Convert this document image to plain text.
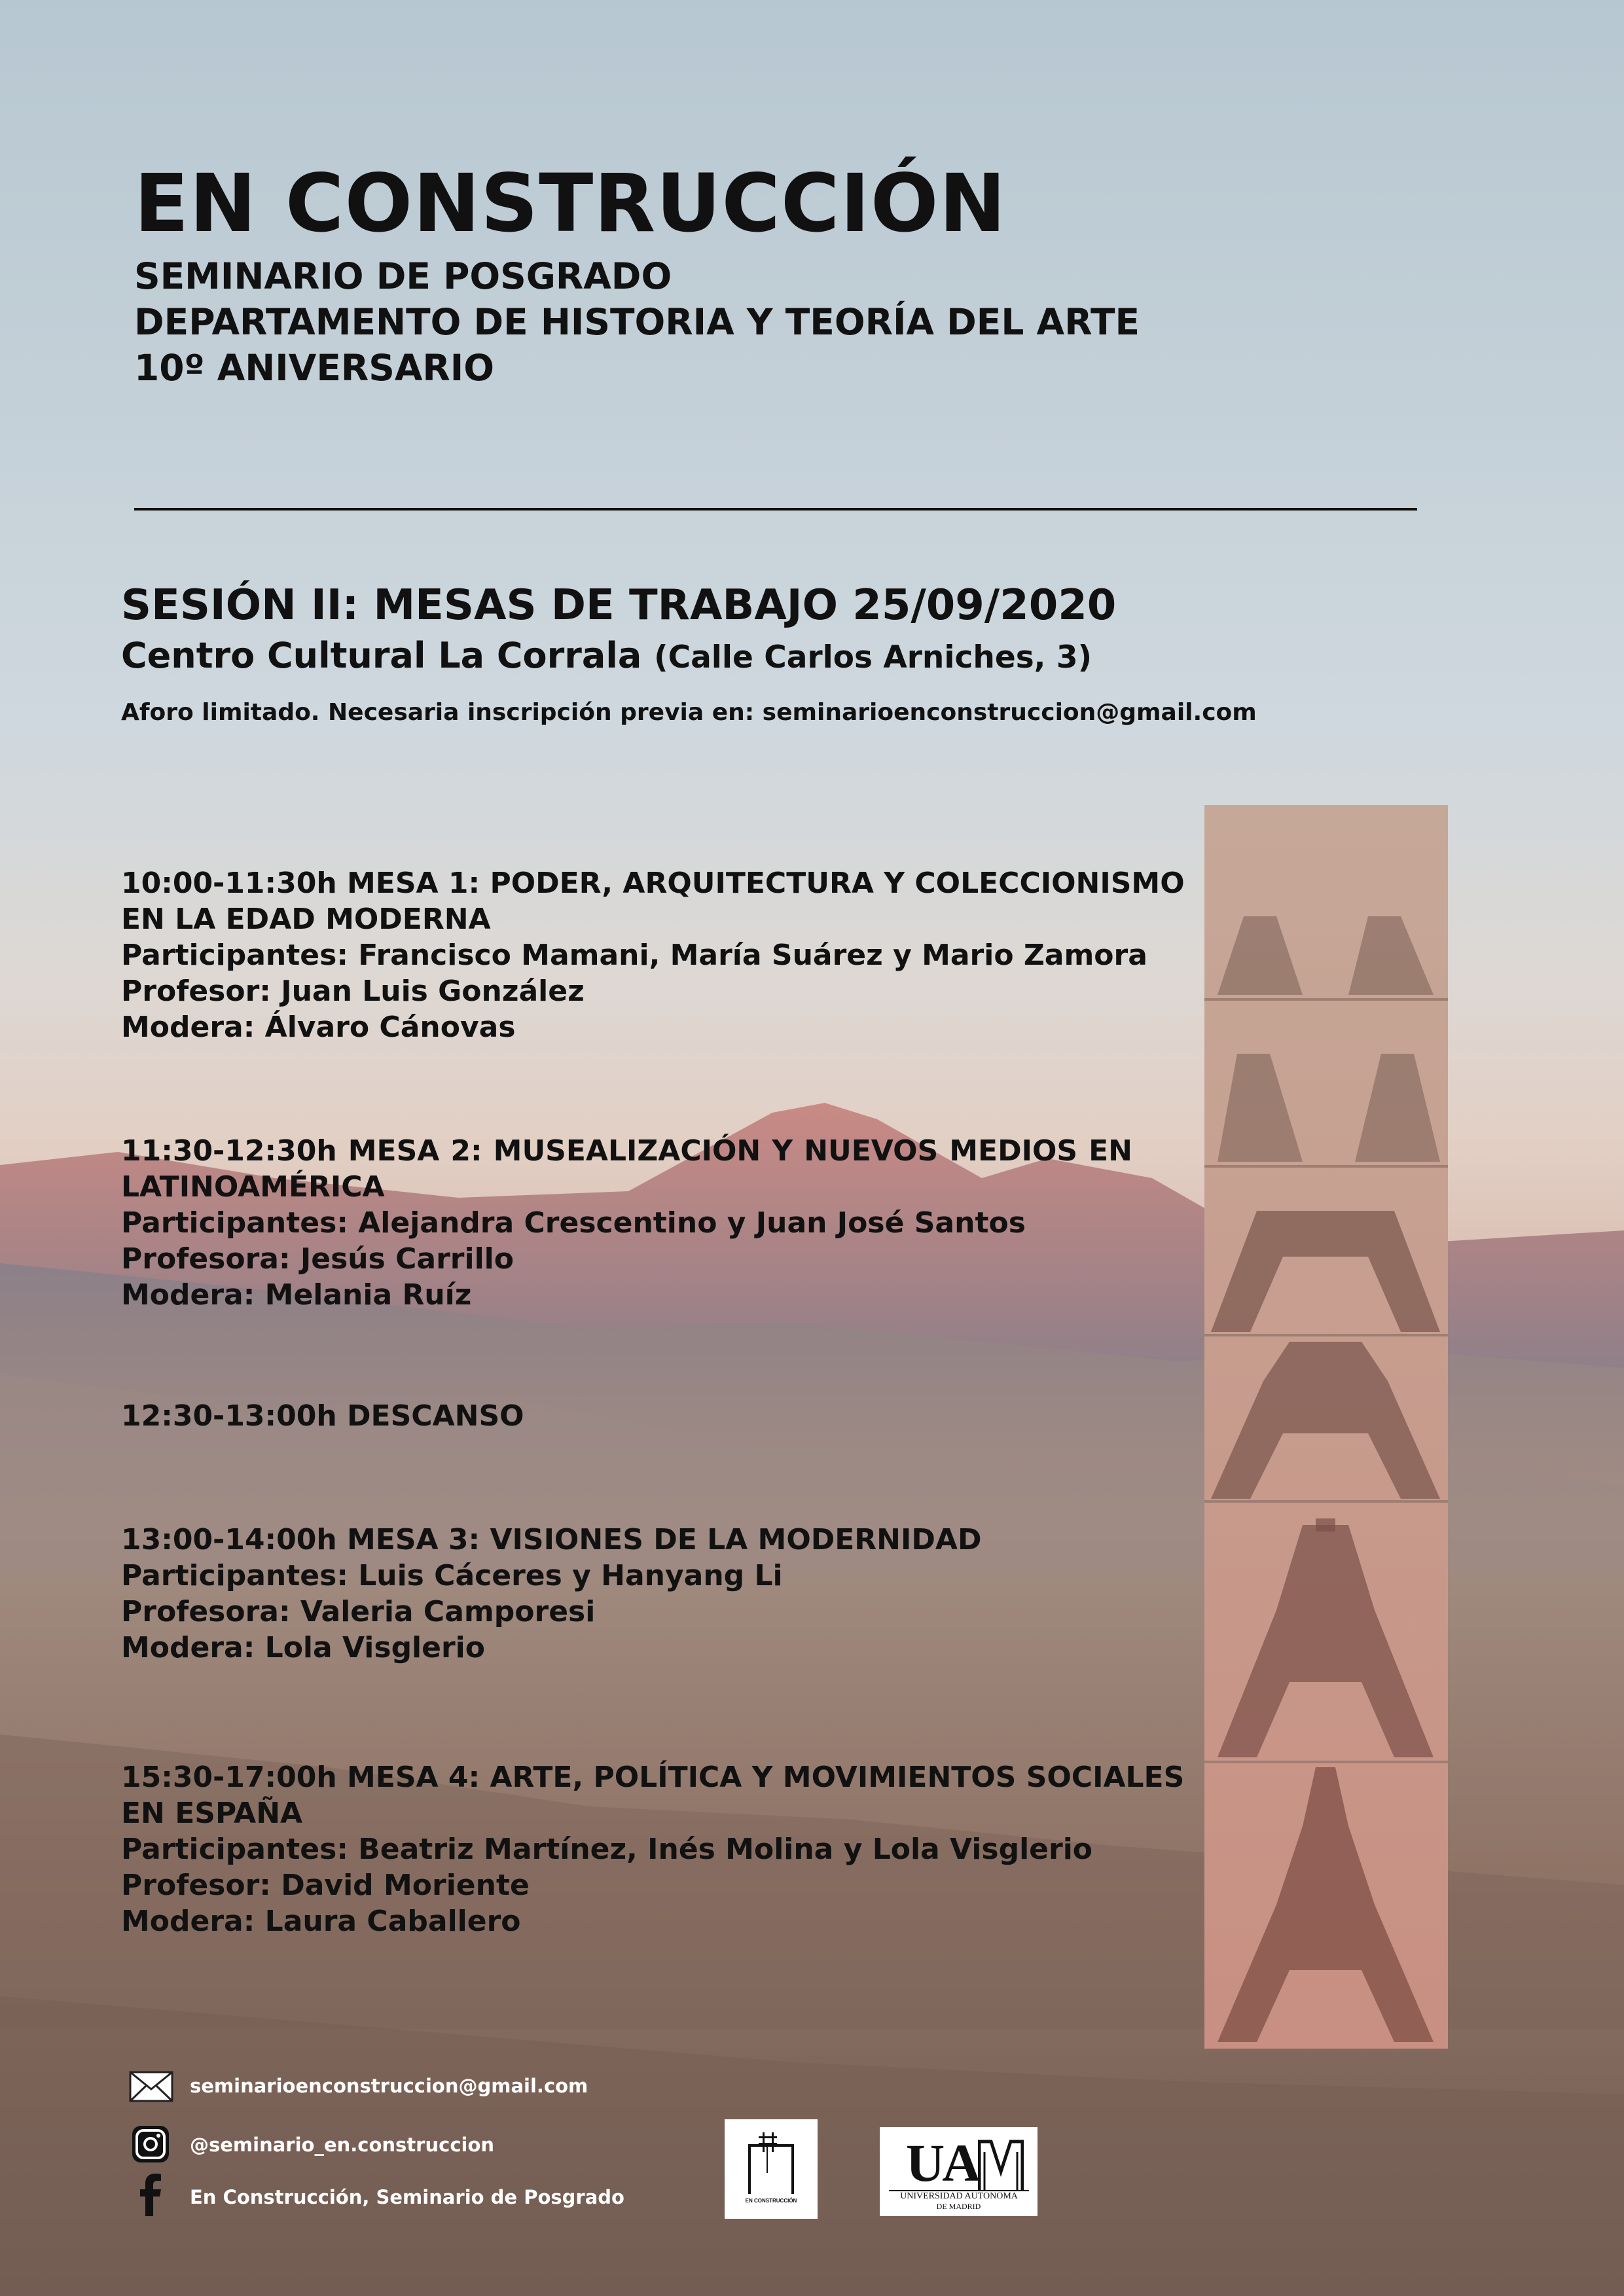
EN CONSTRUCCIÓN
SEMINARIO DE POSGRADO
DEPARTAMENTO DE HISTORIA Y TEORÍA DEL ARTE
10º ANIVERSARIO
SESIÓN II: MESAS DE TRABAJO 25/09/2020
Centro Cultural La Corrala (Calle Carlos Arniches, 3)
Aforo limitado. Necesaria inscripción previa en: seminarioenconstruccion@gmail.com
10:00-11:30h MESA 1: PODER, ARQUITECTURA Y COLECCIONISMO
EN LA EDAD MODERNA
Participantes: Francisco Mamani, María Suárez y Mario Zamora
Profesor: Juan Luis González
Modera: Álvaro Cánovas
11:30-12:30h MESA 2: MUSEALIZACIÓN Y NUEVOS MEDIOS EN
LATINOAMÉRICA
Participantes: Alejandra Crescentino y Juan José Santos
Profesora: Jesús Carrillo
Modera: Melania Ruíz
12:30-13:00h DESCANSO
13:00-14:00h MESA 3: VISIONES DE LA MODERNIDAD
Participantes: Luis Cáceres y Hanyang Li
Profesora: Valeria Camporesi
Modera: Lola Visglerio
15:30-17:00h MESA 4: ARTE, POLÍTICA Y MOVIMIENTOS SOCIALES
EN ESPAÑA
Participantes: Beatriz Martínez, Inés Molina y Lola Visglerio
Profesor: David Moriente
Modera: Laura Caballero
seminarioenconstruccion@gmail.com
@seminario_en.construccion
En Construcción, Seminario de Posgrado	EN CONSTRUCCIÓN
UA
UNIVERSIDAD AUTONOMA
DE MADRID
